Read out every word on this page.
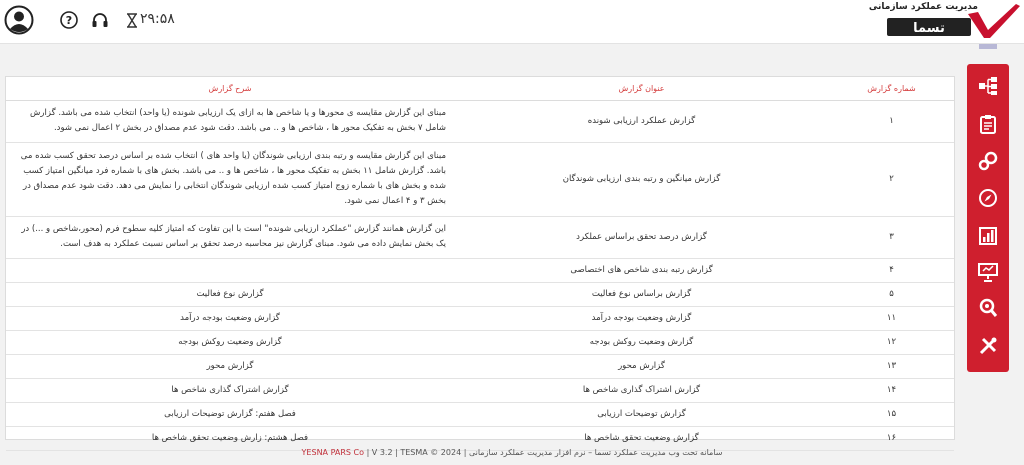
?	۲۹:۵۸
مدیریت عملکرد سازمانی
تسما
شماره گزارش	عنوان گزارش	شرح گزارش
۱	گزارش عملکرد ارزیابی شونده	مبنای این گزارش مقایسه ی محورها و یا شاخص ها به ازای یک ارزیابی شونده (یا واحد) انتخاب شده می باشد. گزارش شامل ۷ بخش به تفکیک محور ها ، شاخص ها و .. می باشد. دقت شود عدم مصداق در بخش ۲ اعمال نمی شود.
۲	گزارش میانگین و رتبه بندی ارزیابی شوندگان	مبنای این گزارش مقایسه و رتبه بندی ارزیابی شوندگان (یا واحد های ) انتخاب شده بر اساس درصد تحقق کسب شده می باشد. گزارش شامل ۱۱ بخش به تفکیک محور ها ، شاخص ها و .. می باشد. بخش های با شماره فرد میانگین امتیاز کسب شده و بخش های با شماره زوج امتیاز کسب شده ارزیابی شوندگان انتخابی را نمایش می دهد. دقت شود عدم مصداق در بخش ۳ و ۴ اعمال نمی شود.
۳	گزارش درصد تحقق براساس عملکرد	این گزارش همانند گزارش "عملکرد ارزیابی شونده" است با این تفاوت که امتیاز کلیه سطوح فرم (محور،شاخص و ...) در یک بخش نمایش داده می شود. مبنای گزارش نیز محاسبه درصد تحقق بر اساس نسبت عملکرد به هدف است.
۴	گزارش رتبه بندی شاخص های اختصاصی	
۵	گزارش براساس نوع فعالیت	گزارش نوع فعالیت
۱۱	گزارش وضعیت بودجه درآمد	گزارش وضعیت بودجه درآمد
۱۲	گزارش وضعیت روکش بودجه	گزارش وضعیت روکش بودجه
۱۳	گزارش محور	گزارش محور
۱۴	گزارش اشتراک گذاری شاخص ها	گزارش اشتراک گذاری شاخص ها
۱۵	گزارش توضیحات ارزیابی	فصل هفتم: گزارش توضیحات ارزیابی
۱۶	گزارش وضعیت تحقق شاخص ها	فصل هشتم: زارش وضعیت تحقق شاخص ها
سامانه تحت وب مدیریت عملکرد تسما – نرم افزار مدیریت عملکرد سازمانی | YESNA PARS Co | V 3.2 | TESMA © 2024
